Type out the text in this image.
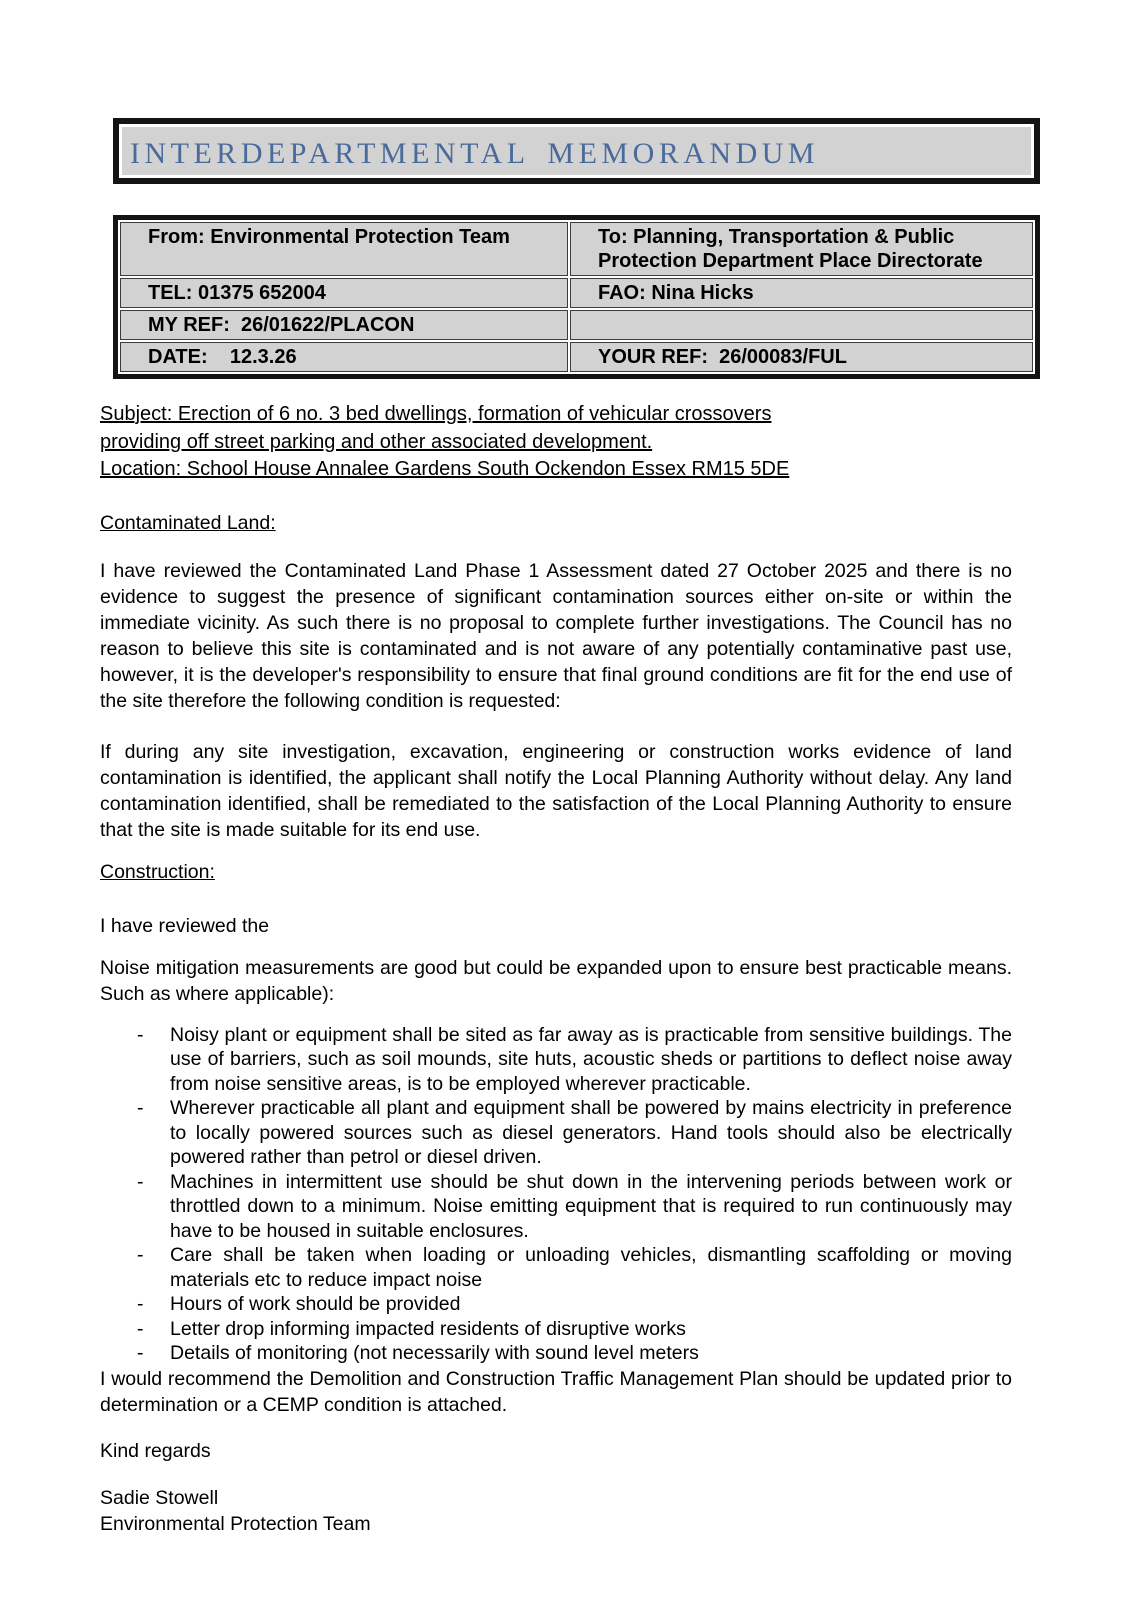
INTERDEPARTMENTAL MEMORANDUM
From: Environmental Protection Team	To: Planning, Transportation & Public Protection Department Place Directorate
TEL: 01375 652004	FAO: Nina Hicks
MY REF:  26/01622/PLACON	
DATE:    12.3.26	YOUR REF:  26/00083/FUL
Subject: Erection of 6 no. 3 bed dwellings, formation of vehicular crossovers
providing off street parking and other associated development.
Location: School House Annalee Gardens South Ockendon Essex RM15 5DE
Contaminated Land:
I have reviewed the Contaminated Land Phase 1 Assessment dated 27 October 2025 and there is no evidence to suggest the presence of significant contamination sources either on-site or within the immediate vicinity. As such there is no proposal to complete further investigations. The Council has no reason to believe this site is contaminated and is not aware of any potentially contaminative past use, however, it is the developer's responsibility to ensure that final ground conditions are fit for the end use of the site therefore the following condition is requested:
If during any site investigation, excavation, engineering or construction works evidence of land contamination is identified, the applicant shall notify the Local Planning Authority without delay. Any land contamination identified, shall be remediated to the satisfaction of the Local Planning Authority to ensure that the site is made suitable for its end use.
Construction:
I have reviewed the
Noise mitigation measurements are good but could be expanded upon to ensure best practicable means. Such as where applicable):
- Noisy plant or equipment shall be sited as far away as is practicable from sensitive buildings. The use of barriers, such as soil mounds, site huts, acoustic sheds or partitions to deflect noise away from noise sensitive areas, is to be employed wherever practicable.
- Wherever practicable all plant and equipment shall be powered by mains electricity in preference to locally powered sources such as diesel generators. Hand tools should also be electrically powered rather than petrol or diesel driven.
- Machines in intermittent use should be shut down in the intervening periods between work or throttled down to a minimum. Noise emitting equipment that is required to run continuously may have to be housed in suitable enclosures.
- Care shall be taken when loading or unloading vehicles, dismantling scaffolding or moving materials etc to reduce impact noise
- Hours of work should be provided
- Letter drop informing impacted residents of disruptive works
- Details of monitoring (not necessarily with sound level meters
I would recommend the Demolition and Construction Traffic Management Plan should be updated prior to determination or a CEMP condition is attached.
Kind regards
Sadie Stowell
Environmental Protection Team
